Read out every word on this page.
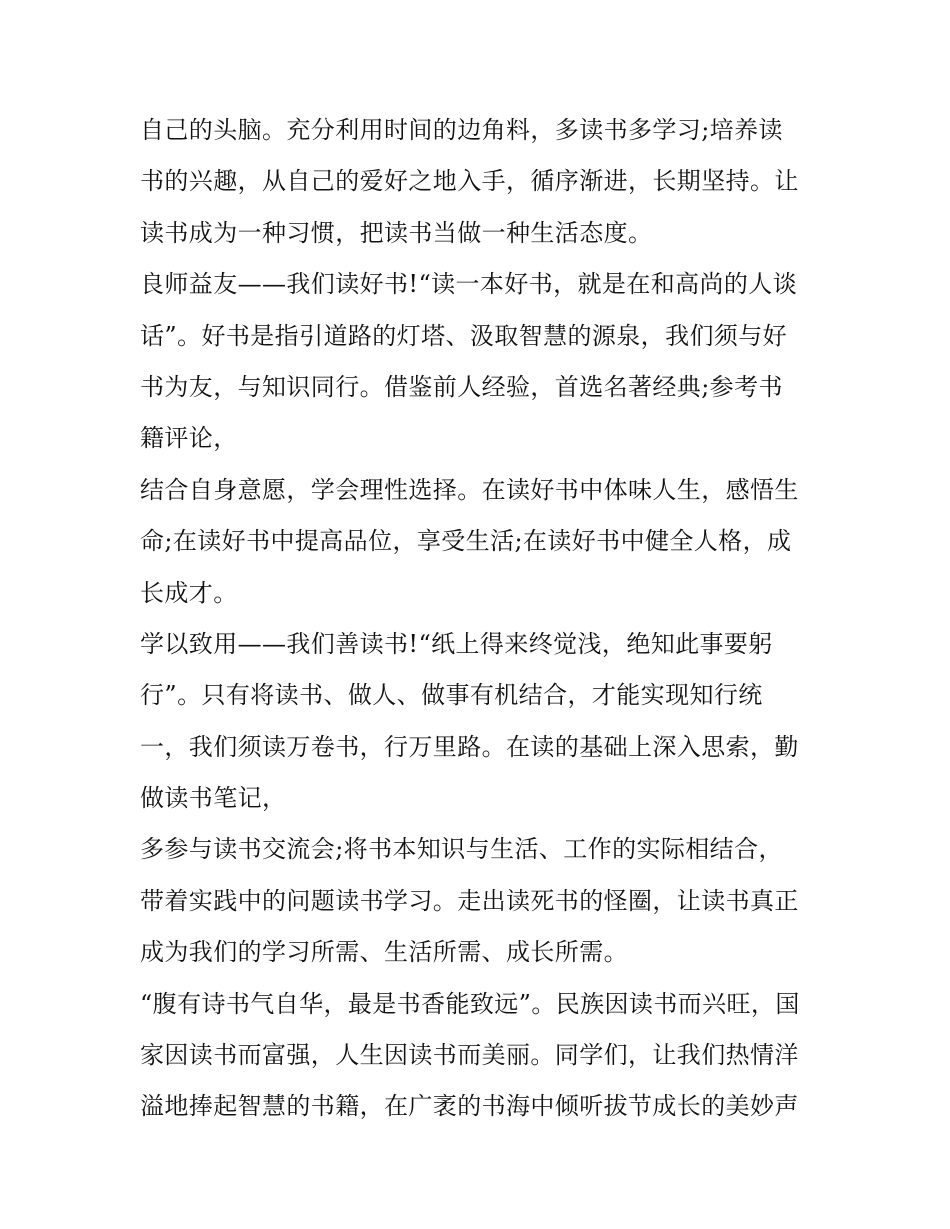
自己的头脑。充分利用时间的边角料，多读书多学习;培养读
书的兴趣，从自己的爱好之地入手，循序渐进，长期坚持。让
读书成为一种习惯，把读书当做一种生活态度。
良师益友——我们读好书!“读一本好书，就是在和高尚的人谈
话”。好书是指引道路的灯塔、汲取智慧的源泉，我们须与好
书为友，与知识同行。借鉴前人经验，首选名著经典;参考书
籍评论，
结合自身意愿，学会理性选择。在读好书中体味人生，感悟生
命;在读好书中提高品位，享受生活;在读好书中健全人格，成
长成才。
学以致用——我们善读书!“纸上得来终觉浅，绝知此事要躬
行”。只有将读书、做人、做事有机结合，才能实现知行统
一，我们须读万卷书，行万里路。在读的基础上深入思索，勤
做读书笔记，
多参与读书交流会;将书本知识与生活、工作的实际相结合，
带着实践中的问题读书学习。走出读死书的怪圈，让读书真正
成为我们的学习所需、生活所需、成长所需。
“腹有诗书气自华，最是书香能致远”。民族因读书而兴旺，国
家因读书而富强，人生因读书而美丽。同学们，让我们热情洋
溢地捧起智慧的书籍，在广袤的书海中倾听拔节成长的美妙声
